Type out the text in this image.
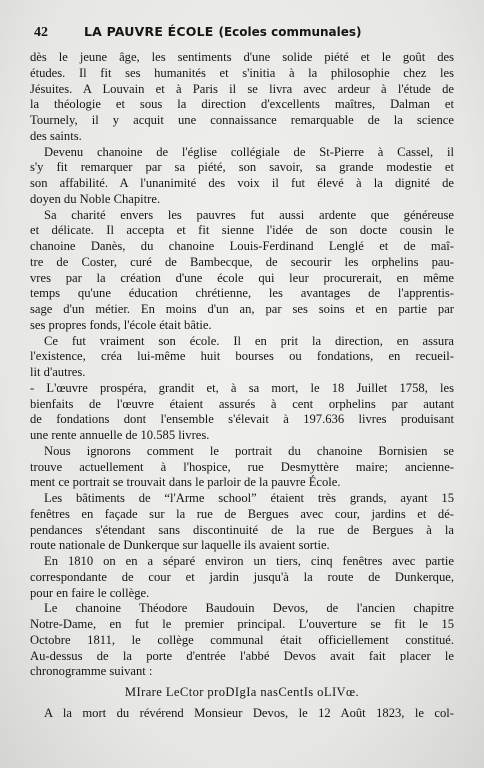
42	LA PAUVRE ÉCOLE (Ecoles communales)
dès le jeune âge, les sentiments d'une solide piété et le goût des
études. Il fit ses humanités et s'initia à la philosophie chez les
Jésuites. A Louvain et à Paris il se livra avec ardeur à l'étude de
la théologie et sous la direction d'excellents maîtres, Dalman et
Tournely, il y acquit une connaissance remarquable de la science
des saints.
Devenu chanoine de l'église collégiale de St-Pierre à Cassel, il
s'y fit remarquer par sa piété, son savoir, sa grande modestie et
son affabilité. A l'unanimité des voix il fut élevé à la dignité de
doyen du Noble Chapitre.
Sa charité envers les pauvres fut aussi ardente que généreuse
et délicate. Il accepta et fit sienne l'idée de son docte cousin le
chanoine Danès, du chanoine Louis-Ferdinand Lenglé et de maî-
tre de Coster, curé de Bambecque, de secourir les orphelins pau-
vres par la création d'une école qui leur procurerait, en même
temps qu'une éducation chrétienne, les avantages de l'apprentis-
sage d'un métier. En moins d'un an, par ses soins et en partie par
ses propres fonds, l'école était bâtie.
Ce fut vraiment son école. Il en prit la direction, en assura
l'existence, créa lui-même huit bourses ou fondations, en recueil-
lit d'autres.
- L'œuvre prospéra, grandit et, à sa mort, le 18 Juillet 1758, les
bienfaits de l'œuvre étaient assurés à cent orphelins par autant
de fondations dont l'ensemble s'élevait à 197.636 livres produisant
une rente annuelle de 10.585 livres.
Nous ignorons comment le portrait du chanoine Bornisien se
trouve actuellement à l'hospice, rue Desmyttère maire; ancienne-
ment ce portrait se trouvait dans le parloir de la pauvre École.
Les bâtiments de “l'Arme school” étaient très grands, ayant 15
fenêtres en façade sur la rue de Bergues avec cour, jardins et dé-
pendances s'étendant sans discontinuité de la rue de Bergues à la
route nationale de Dunkerque sur laquelle ils avaient sortie.
En 1810 on en a séparé environ un tiers, cinq fenêtres avec partie
correspondante de cour et jardin jusqu'à la route de Dunkerque,
pour en faire le collège.
Le chanoine Théodore Baudouin Devos, de l'ancien chapitre
Notre-Dame, en fut le premier principal. L'ouverture se fit le 15
Octobre 1811, le collège communal était officiellement constitué.
Au-dessus de la porte d'entrée l'abbé Devos avait fait placer le
chronogramme suivant :
MIrare LeCtor proDIgIa nasCentIs oLIVœ.
A la mort du révérend Monsieur Devos, le 12 Août 1823, le col-
